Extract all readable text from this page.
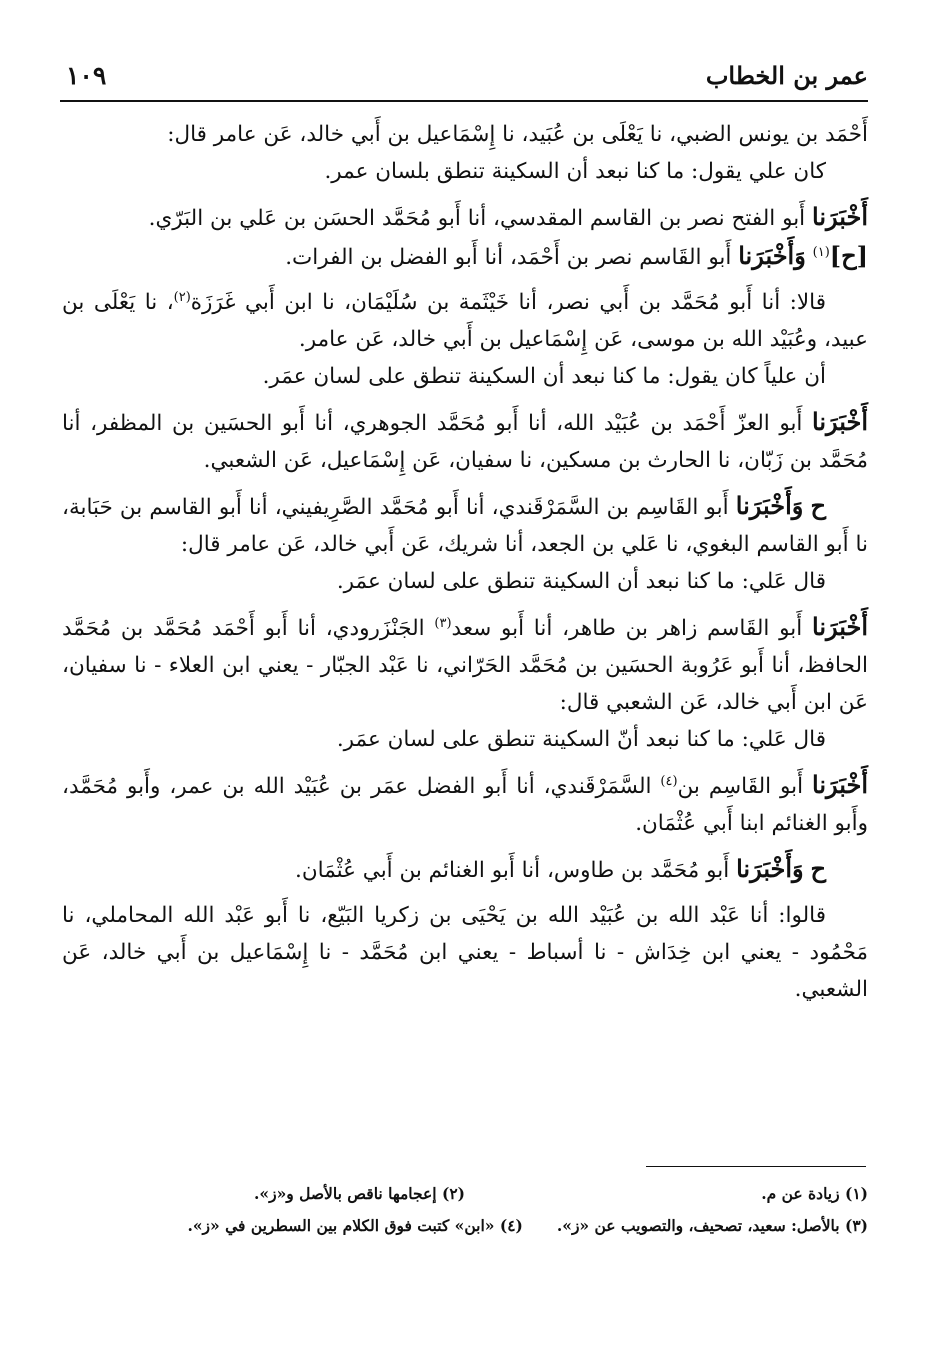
١٠٩	عمر بن الخطاب

أَحْمَد بن يونس الضبي، نا يَعْلَى بن عُبَيد، نا إِسْمَاعيل بن أَبي خالد، عَن عامر قال:

كان علي يقول: ما كنا نبعد أن السكينة تنطق بلسان عمر.

أَخْبَرَنا أَبو الفتح نصر بن القاسم المقدسي، أنا أَبو مُحَمَّد الحسَن بن عَلي بن البَرّي.

[ح]$^{(١)}$ وَأَخْبَرَنا أَبو القَاسم نصر بن أَحْمَد، أنا أَبو الفضل بن الفرات.

قالا: أنا أَبو مُحَمَّد بن أَبي نصر، أنا خَيْثَمة بن سُلَيْمَان، نا ابن أَبي غَرَزَة$^{(٢)}$، نا يَعْلَى بن عبيد، وعُبَيْد الله بن موسى، عَن إِسْمَاعيل بن أَبي خالد، عَن عامر.

أن علياً كان يقول: ما كنا نبعد أن السكينة تنطق على لسان عمَر.

أَخْبَرَنا أَبو العزّ أَحْمَد بن عُبَيْد الله، أنا أَبو مُحَمَّد الجوهري، أنا أَبو الحسَين بن المظفر، أنا مُحَمَّد بن زَبّان، نا الحارث بن مسكين، نا سفيان، عَن إِسْمَاعيل، عَن الشعبي.

ح وَأَخْبَرَنا أَبو القَاسِم بن السَّمَرْقَندي، أنا أَبو مُحَمَّد الصَّرِيفيني، أنا أَبو القاسم بن حَبَابة، نا أَبو القاسم البغوي، نا عَلي بن الجعد، أنا شريك، عَن أَبي خالد، عَن عامر قال:

قال عَلي: ما كنا نبعد أن السكينة تنطق على لسان عمَر.

أَخْبَرَنا أَبو القَاسم زاهر بن طاهر، أنا أَبو سعد$^{(٣)}$ الجَنْزَرودي، أنا أَبو أَحْمَد مُحَمَّد بن مُحَمَّد الحافظ، أنا أَبو عَرُوبة الحسَين بن مُحَمَّد الحَرّاني، نا عَبْد الجبّار - يعني ابن العلاء - نا سفيان، عَن ابن أَبي خالد، عَن الشعبي قال:

قال عَلي: ما كنا نبعد أنّ السكينة تنطق على لسان عمَر.

أَخْبَرَنا أَبو القَاسِم بن$^{(٤)}$ السَّمَرْقَندي، أنا أَبو الفضل عمَر بن عُبَيْد الله بن عمر، وأَبو مُحَمَّد، وأَبو الغنائم ابنا أَبي عُثْمَان.

ح وَأَخْبَرَنا أَبو مُحَمَّد بن طاوس، أنا أَبو الغنائم بن أَبي عُثْمَان.

قالوا: أنا عَبْد الله بن عُبَيْد الله بن يَحْيَى بن زكريا البَيّع، نا أَبو عَبْد الله المحاملي، نا مَحْمُود - يعني ابن خِدَاش - نا أسباط - يعني ابن مُحَمَّد - نا إِسْمَاعيل بن أَبي خالد، عَن الشعبي.

(١) زيادة عن م.
(٢) إعجامها ناقص بالأصل و«ز».
(٣) بالأصل: سعيد، تصحيف، والتصويب عن «ز».
(٤) «ابن» كتبت فوق الكلام بين السطرين في «ز».
